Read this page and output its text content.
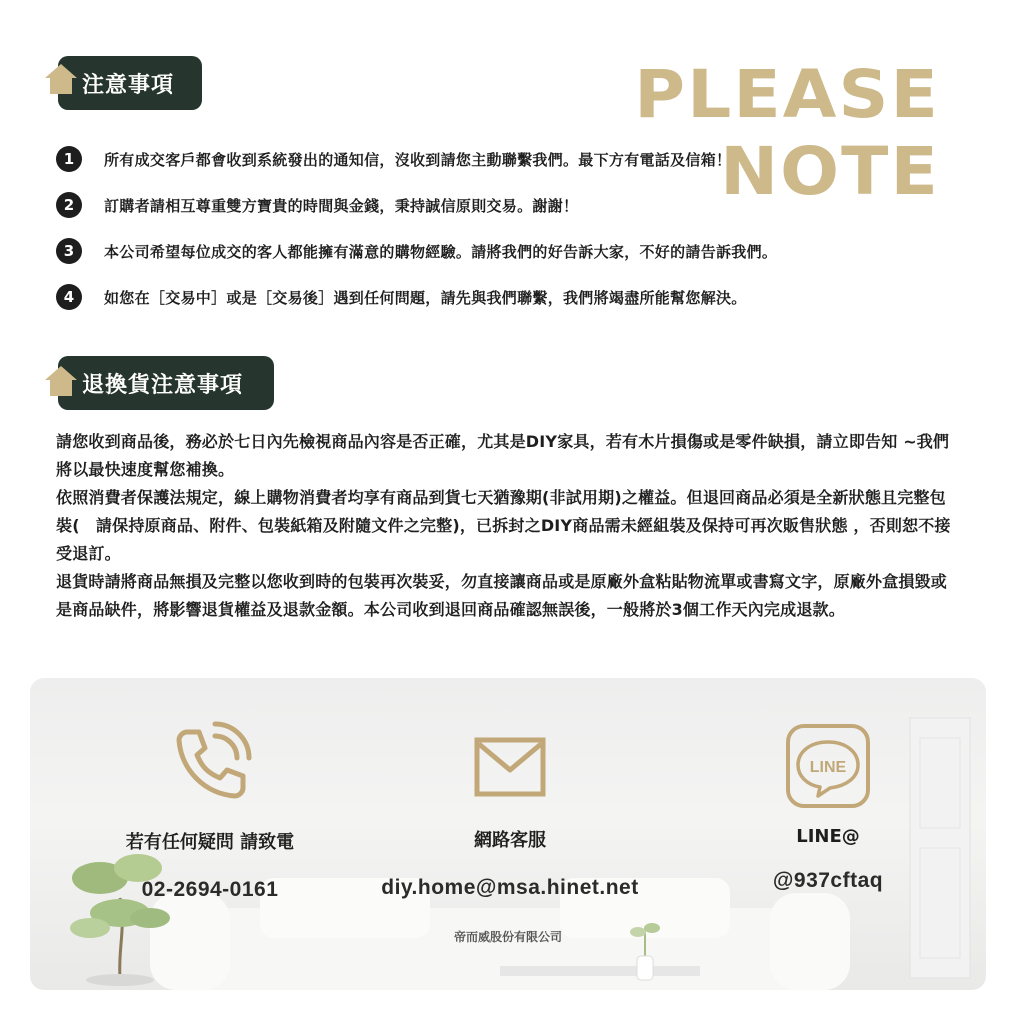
注意事項	PLEASE NOTE
1	所有成交客戶都會收到系統發出的通知信，沒收到請您主動聯繫我們。最下方有電話及信箱！
2	訂購者請相互尊重雙方寶貴的時間與金錢，秉持誠信原則交易。謝謝！
3	本公司希望每位成交的客人都能擁有滿意的購物經驗。請將我們的好告訴大家，不好的請告訴我們。
4	如您在［交易中］或是［交易後］遇到任何問題，請先與我們聯繫，我們將竭盡所能幫您解決。
退換貨注意事項

請您收到商品後，務必於七日內先檢視商品內容是否正確，尤其是DIY家具，若有木片損傷或是零件缺損，請立即告知 ~我們將以最快速度幫您補換。

依照消費者保護法規定，線上購物消費者均享有商品到貨七天猶豫期(非試用期)之權益。但退回商品必須是全新狀態且完整包裝(　請保持原商品、附件、包裝紙箱及附隨文件之完整)，已拆封之DIY商品需未經組裝及保持可再次販售狀態 ，否則恕不接受退訂。

退貨時請將商品無損及完整以您收到時的包裝再次裝妥，勿直接讓商品或是原廠外盒粘貼物流單或書寫文字，原廠外盒損毀或是商品缺件，將影響退貨權益及退款金額。本公司收到退回商品確認無誤後，一般將於3個工作天內完成退款。

若有任何疑問 請致電
02-2694-0161
網路客服
diy.home@msa.hinet.net
LINE
LINE@
@937cftaq
帝而威股份有限公司
